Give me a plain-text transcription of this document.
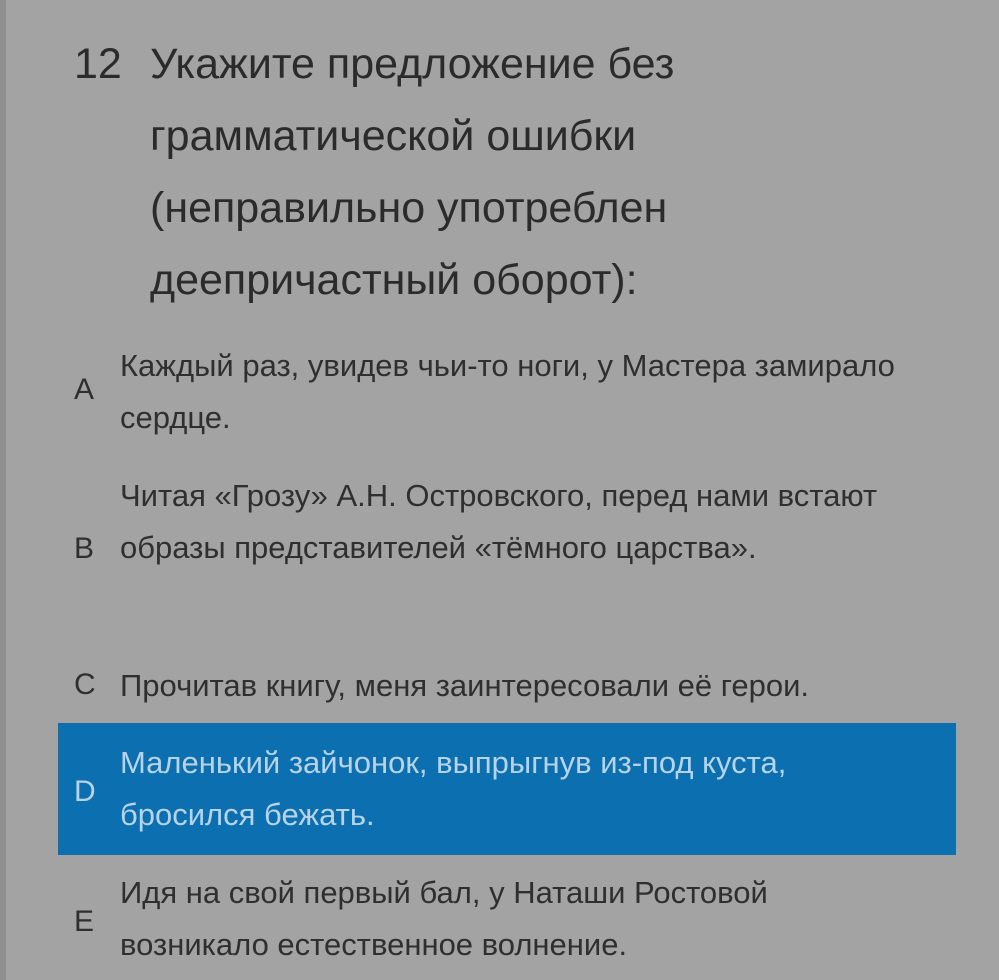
12 Укажите предложение без грамматической ошибки (неправильно употреблен деепричастный оборот):
A
Каждый раз, увидев чьи-то ноги, у Мастера замирало сердце.
B
Читая «Грозу» А.Н. Островского, перед нами встают образы представителей «тёмного царства».
C Прочитав книгу, меня заинтересовали её герои.
D
Маленький зайчонок, выпрыгнув из-под куста, бросился бежать.
E
Идя на свой первый бал, у Наташи Ростовой возникало естественное волнение.
